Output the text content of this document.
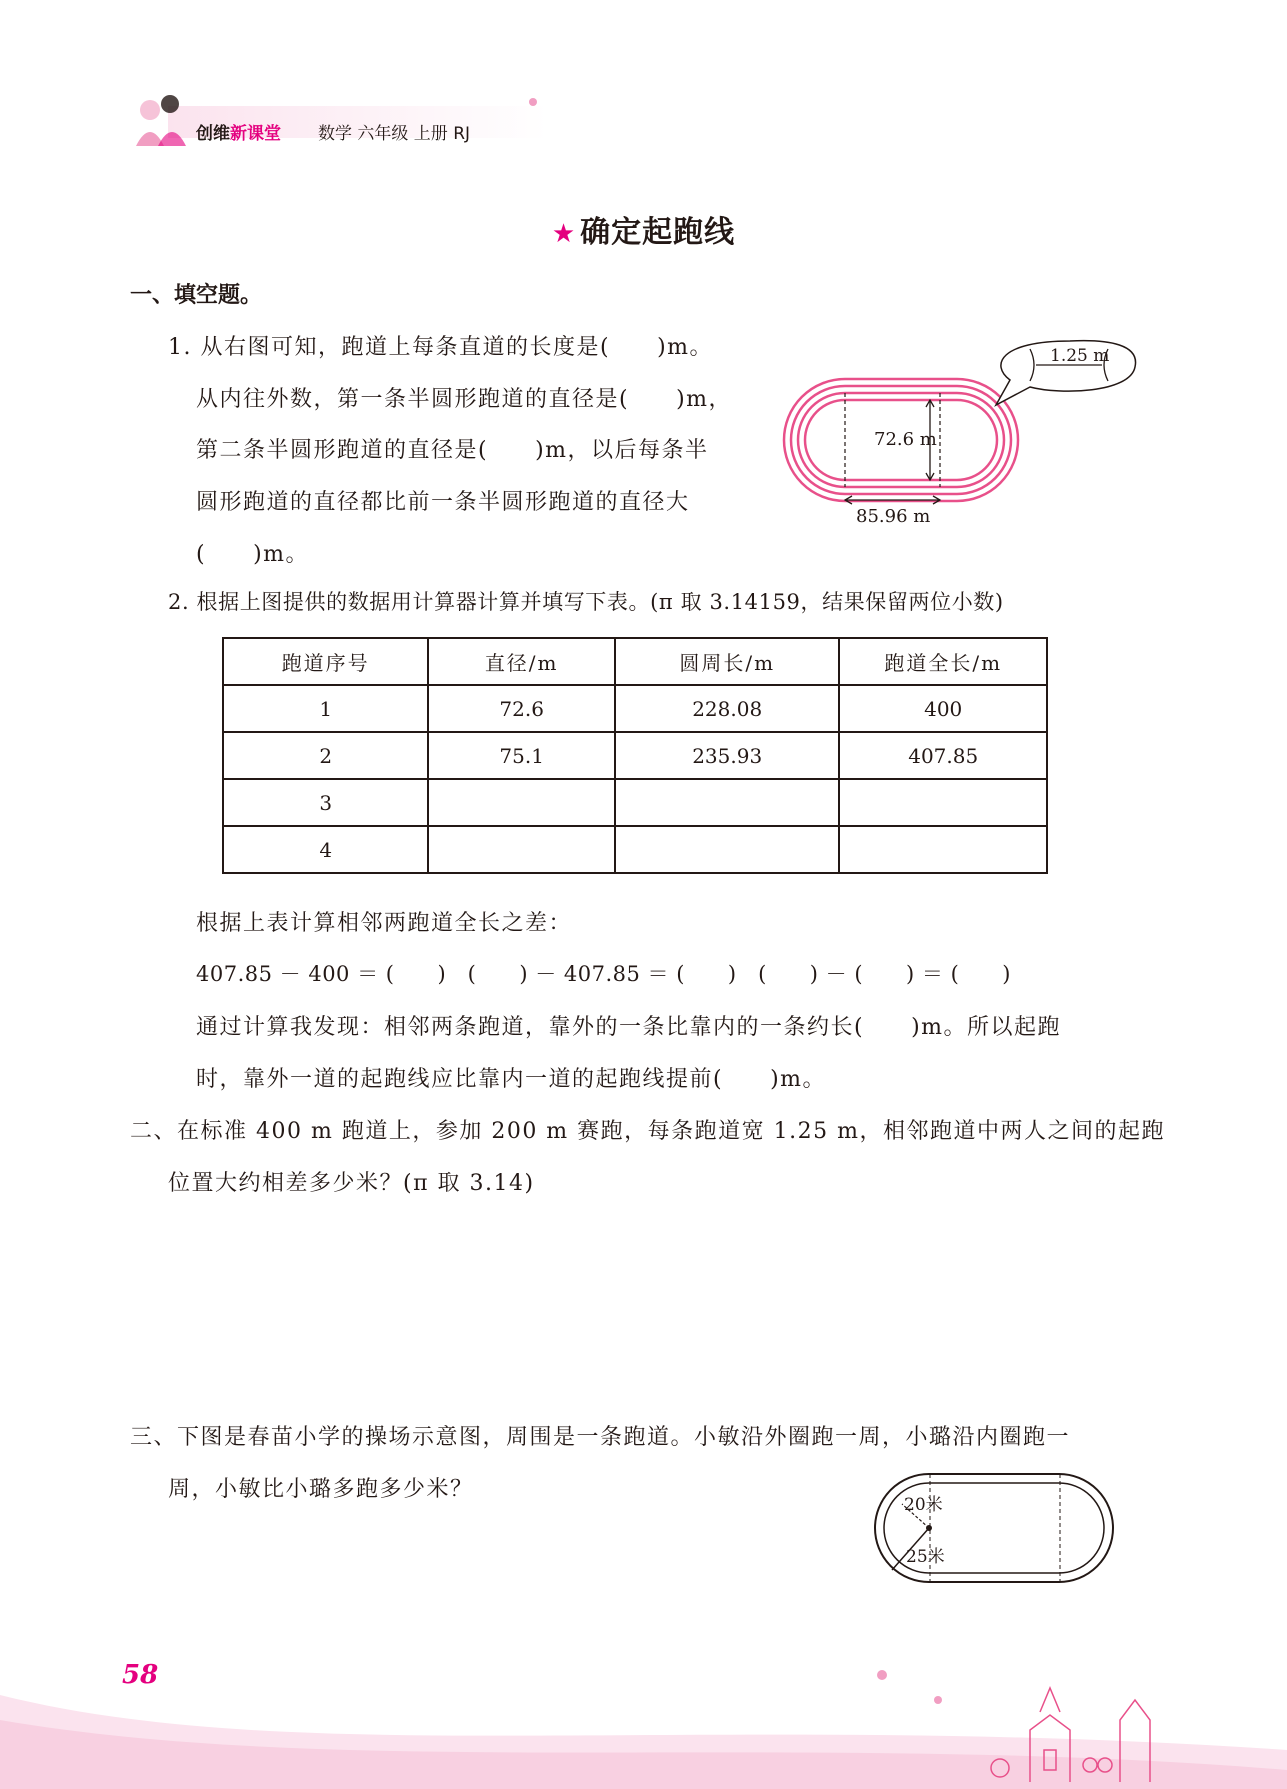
创维新课堂 数学 六年级 上册 RJ
★ 确定起跑线
一、填空题。
1. 从右图可知，跑道上每条直道的长度是(　　)m。
从内往外数，第一条半圆形跑道的直径是(　　)m，
第二条半圆形跑道的直径是(　　)m，以后每条半
圆形跑道的直径都比前一条半圆形跑道的直径大
(　　)m。
72.6 m
85.96 m
1.25 m
2. 根据上图提供的数据用计算器计算并填写下表。(π 取 3.14159，结果保留两位小数)
跑道序号	直径/m	圆周长/m	跑道全长/m
1	72.6	228.08	400
2	75.1	235.93	407.85
3			
4			
根据上表计算相邻两跑道全长之差：
407.85 － 400 ＝ (　　)　(　　) － 407.85 ＝ (　　)　(　　) － (　　) ＝ (　　)
通过计算我发现：相邻两条跑道，靠外的一条比靠内的一条约长(　　)m。所以起跑
时，靠外一道的起跑线应比靠内一道的起跑线提前(　　)m。
二、在标准 400 m 跑道上，参加 200 m 赛跑，每条跑道宽 1.25 m，相邻跑道中两人之间的起跑
位置大约相差多少米？(π 取 3.14)
三、下图是春苗小学的操场示意图，周围是一条跑道。小敏沿外圈跑一周，小璐沿内圈跑一
周，小敏比小璐多跑多少米？
20米
25米
58
